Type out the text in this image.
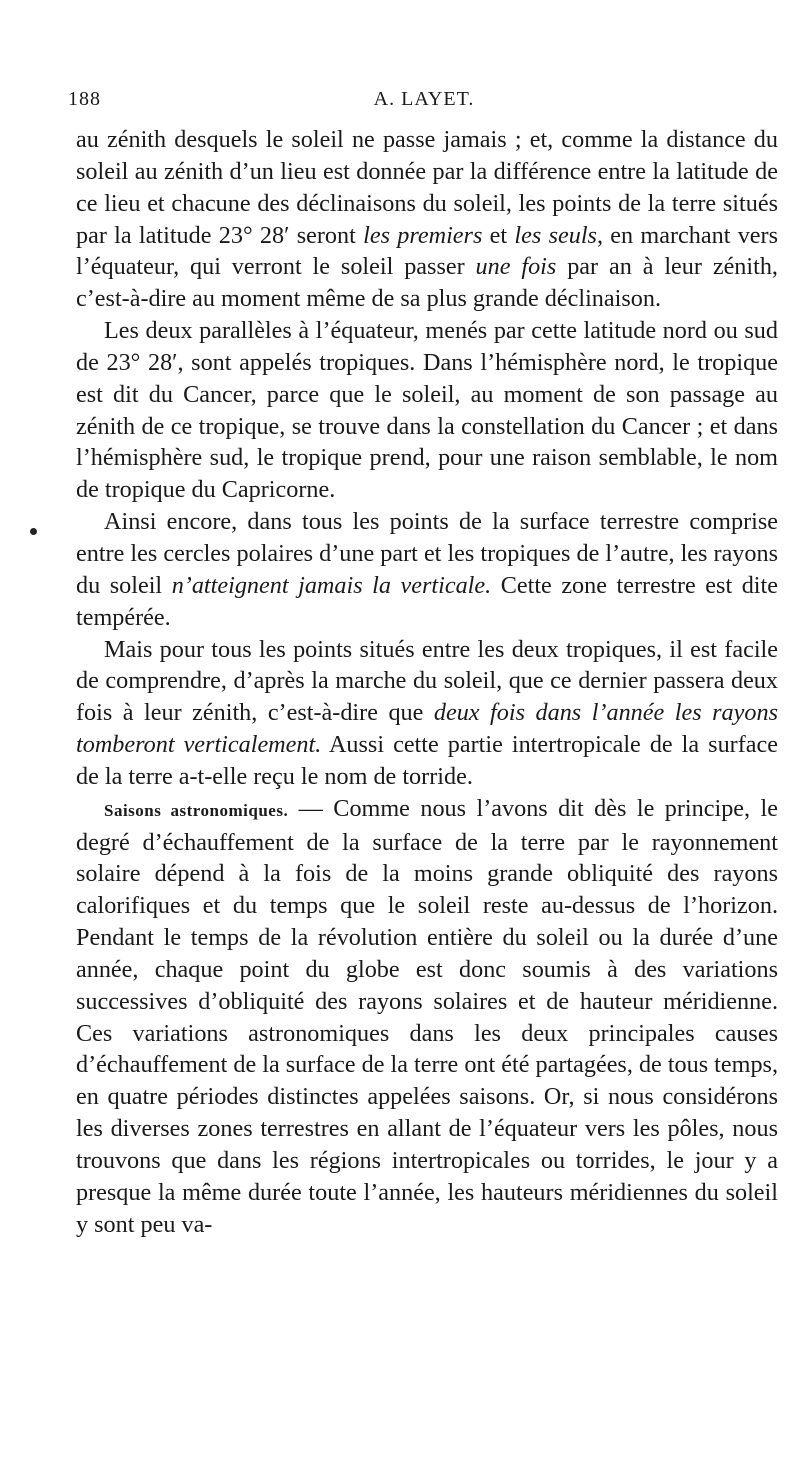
188	A. LAYET.

au zénith desquels le soleil ne passe jamais ; et, comme la distance du soleil au zénith d’un lieu est donnée par la différence entre la latitude de ce lieu et chacune des déclinaisons du soleil, les points de la terre situés par la latitude 23° 28′ seront les premiers et les seuls, en marchant vers l’équateur, qui verront le soleil passer une fois par an à leur zénith, c’est-à-dire au moment même de sa plus grande déclinaison.

Les deux parallèles à l’équateur, menés par cette latitude nord ou sud de 23° 28′, sont appelés tropiques. Dans l’hémisphère nord, le tropique est dit du Cancer, parce que le soleil, au moment de son passage au zénith de ce tropique, se trouve dans la constellation du Cancer ; et dans l’hémisphère sud, le tropique prend, pour une raison semblable, le nom de tropique du Capricorne.

Ainsi encore, dans tous les points de la surface terrestre comprise entre les cercles polaires d’une part et les tropiques de l’autre, les rayons du soleil n’atteignent jamais la verticale. Cette zone terrestre est dite tempérée.

Mais pour tous les points situés entre les deux tropiques, il est facile de comprendre, d’après la marche du soleil, que ce dernier passera deux fois à leur zénith, c’est-à-dire que deux fois dans l’année les rayons tomberont verticalement. Aussi cette partie intertropicale de la surface de la terre a-t-elle reçu le nom de torride.

Saisons astronomiques. — Comme nous l’avons dit dès le principe, le degré d’échauffement de la surface de la terre par le rayonnement solaire dépend à la fois de la moins grande obliquité des rayons calorifiques et du temps que le soleil reste au-dessus de l’horizon. Pendant le temps de la révolution entière du soleil ou la durée d’une année, chaque point du globe est donc soumis à des variations successives d’obliquité des rayons solaires et de hauteur méridienne. Ces variations astronomiques dans les deux principales causes d’échauffement de la surface de la terre ont été partagées, de tous temps, en quatre périodes distinctes appelées saisons. Or, si nous considérons les diverses zones terrestres en allant de l’équateur vers les pôles, nous trouvons que dans les régions intertropicales ou torrides, le jour y a presque la même durée toute l’année, les hauteurs méridiennes du soleil y sont peu va-
